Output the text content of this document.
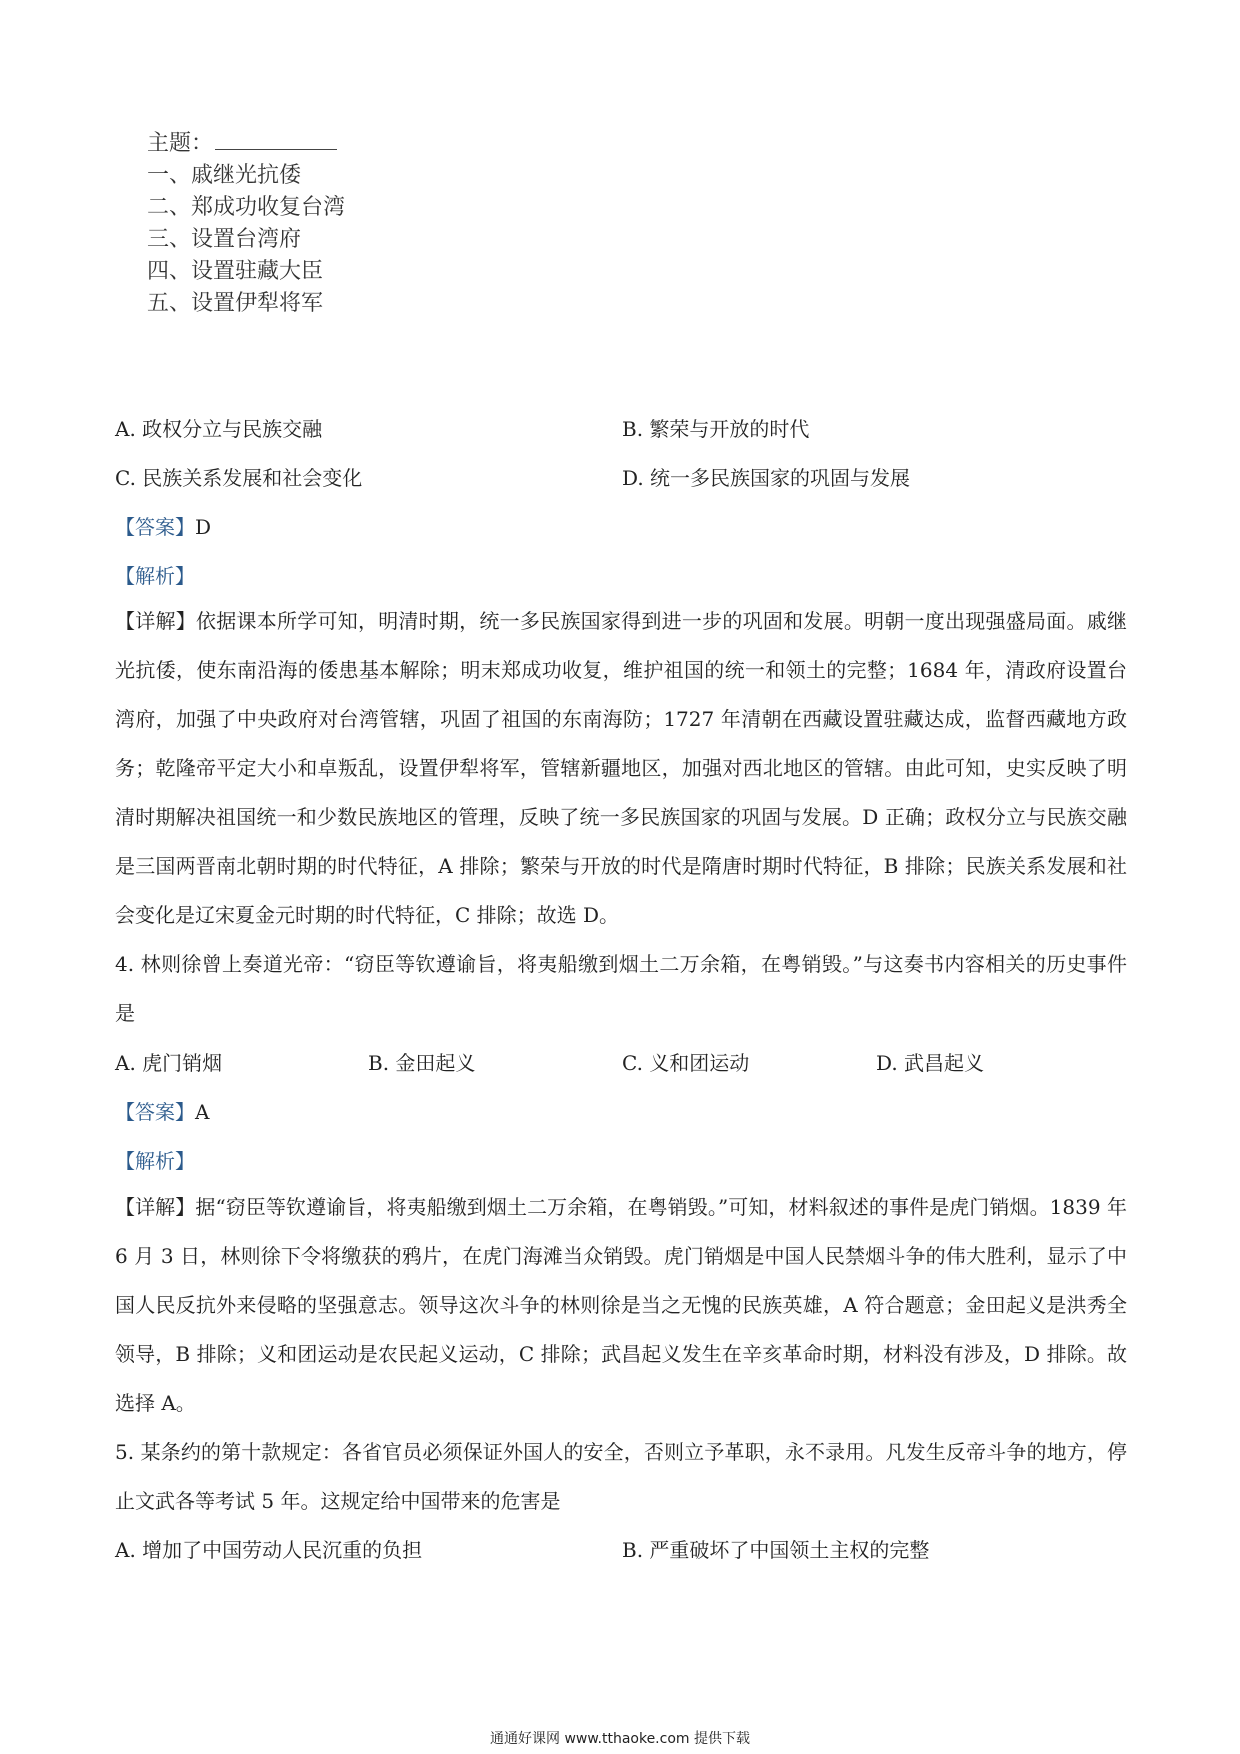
主题：
一、戚继光抗倭
二、郑成功收复台湾
三、设置台湾府
四、设置驻藏大臣
五、设置伊犁将军
A. 政权分立与民族交融	B. 繁荣与开放的时代
C. 民族关系发展和社会变化	D. 统一多民族国家的巩固与发展
【答案】D
【解析】
【详解】依据课本所学可知，明清时期，统一多民族国家得到进一步的巩固和发展。明朝一度出现强盛局面。戚继光抗倭，使东南沿海的倭患基本解除；明末郑成功收复，维护祖国的统一和领土的完整；1684 年，清政府设置台湾府，加强了中央政府对台湾管辖，巩固了祖国的东南海防；1727 年清朝在西藏设置驻藏达成，监督西藏地方政务；乾隆帝平定大小和卓叛乱，设置伊犁将军，管辖新疆地区，加强对西北地区的管辖。由此可知，史实反映了明清时期解决祖国统一和少数民族地区的管理，反映了统一多民族国家的巩固与发展。D 正确；政权分立与民族交融是三国两晋南北朝时期的时代特征，A 排除；繁荣与开放的时代是隋唐时期时代特征，B 排除；民族关系发展和社会变化是辽宋夏金元时期的时代特征，C 排除；故选 D。
4. 林则徐曾上奏道光帝：“窃臣等钦遵谕旨，将夷船缴到烟土二万余箱，在粤销毁。”与这奏书内容相关的历史事件是
A. 虎门销烟	B. 金田起义	C. 义和团运动	D. 武昌起义
【答案】A
【解析】
【详解】据“窃臣等钦遵谕旨，将夷船缴到烟土二万余箱，在粤销毁。”可知，材料叙述的事件是虎门销烟。1839 年 6 月 3 日，林则徐下令将缴获的鸦片，在虎门海滩当众销毁。虎门销烟是中国人民禁烟斗争的伟大胜利，显示了中国人民反抗外来侵略的坚强意志。领导这次斗争的林则徐是当之无愧的民族英雄，A 符合题意；金田起义是洪秀全领导，B 排除；义和团运动是农民起义运动，C 排除；武昌起义发生在辛亥革命时期，材料没有涉及，D 排除。故选择 A。
5. 某条约的第十款规定：各省官员必须保证外国人的安全，否则立予革职，永不录用。凡发生反帝斗争的地方，停止文武各等考试 5 年。这规定给中国带来的危害是
A. 增加了中国劳动人民沉重的负担	B. 严重破坏了中国领土主权的完整
通通好课网 www.tthaoke.com 提供下载
